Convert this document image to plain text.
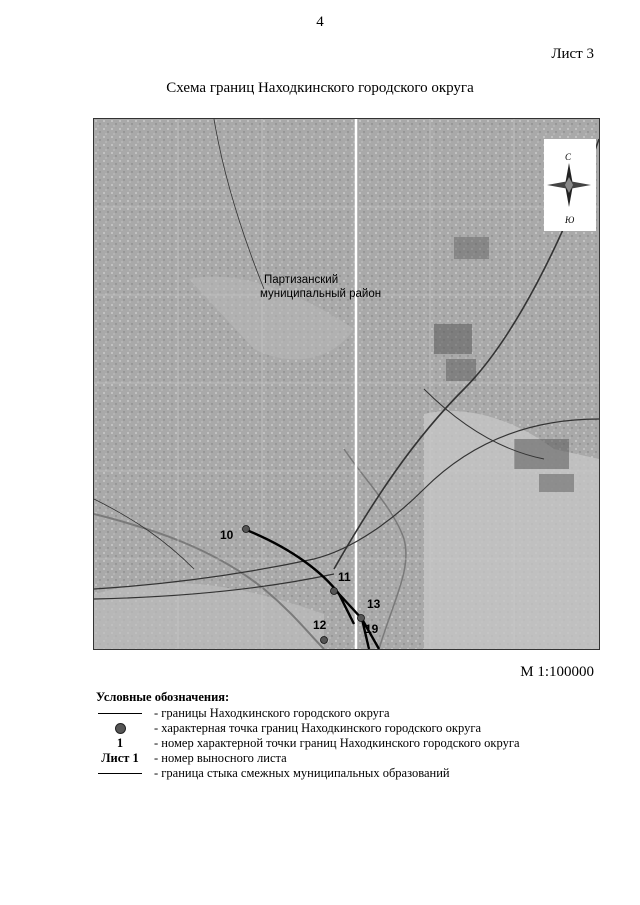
4
Лист 3
Схема границ Находкинского городского округа
Партизанский
муниципальный район
С
Ю
10
11
12
13
19
М 1:100000
Условные обозначения:
- границы Находкинского городского округа
- характерная точка границ Находкинского городского округа
1	- номер характерной точки границ Находкинского городского округа
Лист 1	- номер выносного листа
- граница стыка смежных муниципальных образований
